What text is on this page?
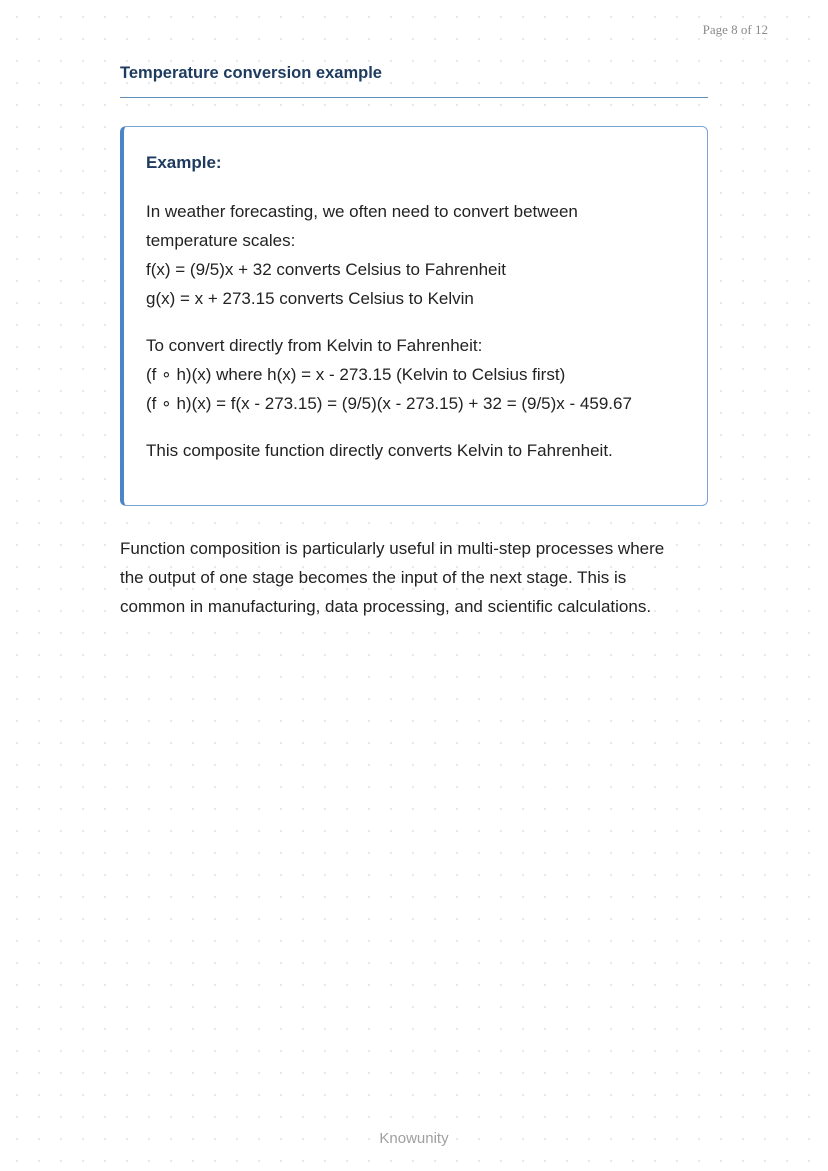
Page 8 of 12
Temperature conversion example
Example:
In weather forecasting, we often need to convert between
temperature scales:
f(x) = (9/5)x + 32 converts Celsius to Fahrenheit
g(x) = x + 273.15 converts Celsius to Kelvin
To convert directly from Kelvin to Fahrenheit:
(f ∘ h)(x) where h(x) = x - 273.15 (Kelvin to Celsius first)
(f ∘ h)(x) = f(x - 273.15) = (9/5)(x - 273.15) + 32 = (9/5)x - 459.67
This composite function directly converts Kelvin to Fahrenheit.
Function composition is particularly useful in multi-step processes where
the output of one stage becomes the input of the next stage. This is
common in manufacturing, data processing, and scientific calculations.
Knowunity
